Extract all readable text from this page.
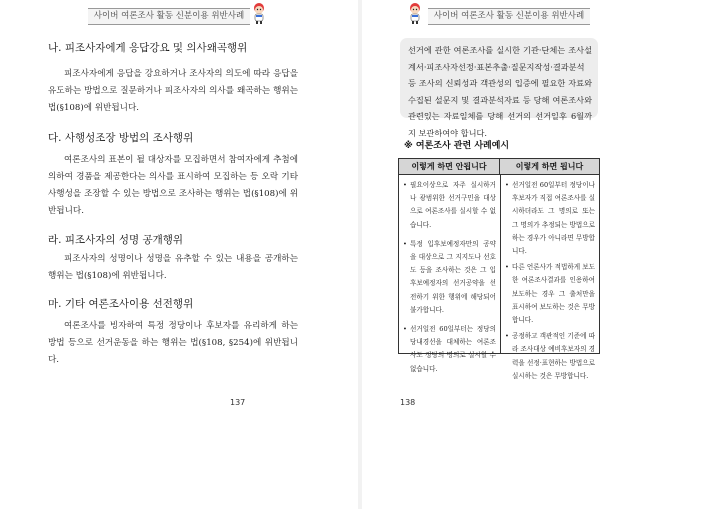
사이버 여론조사 활동 신분이용 위반사례
나. 피조사자에게 응답강요 및 의사왜곡행위
피조사자에게 응답을 강요하거나 조사자의 의도에 따라 응답을 유도하는 방법으로 질문하거나 피조사자의 의사를 왜곡하는 행위는 법(§108)에 위반됩니다.
다. 사행성조장 방법의 조사행위
여론조사의 표본이 될 대상자를 모집하면서 참여자에게 추첨에 의하여 경품을 제공한다는 의사를 표시하여 모집하는 등 오락 기타 사행성을 조장할 수 있는 방법으로 조사하는 행위는 법(§108)에 위반됩니다.
라. 피조사자의 성명 공개행위
피조사자의 성명이나 성명을 유추할 수 있는 내용을 공개하는 행위는 법(§108)에 위반됩니다.
마. 기타 여론조사이용 선전행위
여론조사를 빙자하여 특정 정당이나 후보자를 유리하게 하는 방법 등으로 선거운동을 하는 행위는 법(§108, §254)에 위반됩니다.
137
사이버 여론조사 활동 신분이용 위반사례
선거에 관한 여론조사를 실시한 기관·단체는 조사설계서·피조사자선정·표본추출·질문지작성·결과분석 등 조사의 신뢰성과 객관성의 입증에 필요한 자료와 수집된 설문지 및 결과분석자료 등 당해 여론조사와 관련있는 자료일체를 당해 선거의 선거일후 6월까지 보관하여야 합니다.
※ 여론조사 관련 사례예시
이렇게 하면 안됩니다	이렇게 하면 됩니다
• 필요이상으로 자주 실시하거나 광범위한 선거구민을 대상으로 여론조사를 실시할 수 없습니다.
• 특정 입후보예정자만의 공약을 대상으로 그 지지도나 선호도 등을 조사하는 것은 그 입후보예정자의 선거공약을 선전하기 위한 행위에 해당되어 불가합니다.
• 선거일전 60일부터는 정당의 당내경선을 대체하는 여론조사도 정당의 명의로 실시할 수 없습니다.
• 선거일전 60일부터 정당이나 후보자가 직접 여론조사를 실시하더라도 그 명의로 또는 그 명의가 추정되는 방법으로 하는 경우가 아니라면 무방합니다.
• 다른 언론사가 적법하게 보도한 여론조사결과를 인용하여 보도하는 경우 그 출처만을 표시하여 보도하는 것은 무방합니다.
• 공정하고 객관적인 기준에 따라 조사대상 예비후보자의 경력을 선정·표현하는 방법으로 실시하는 것은 무방합니다.
138
